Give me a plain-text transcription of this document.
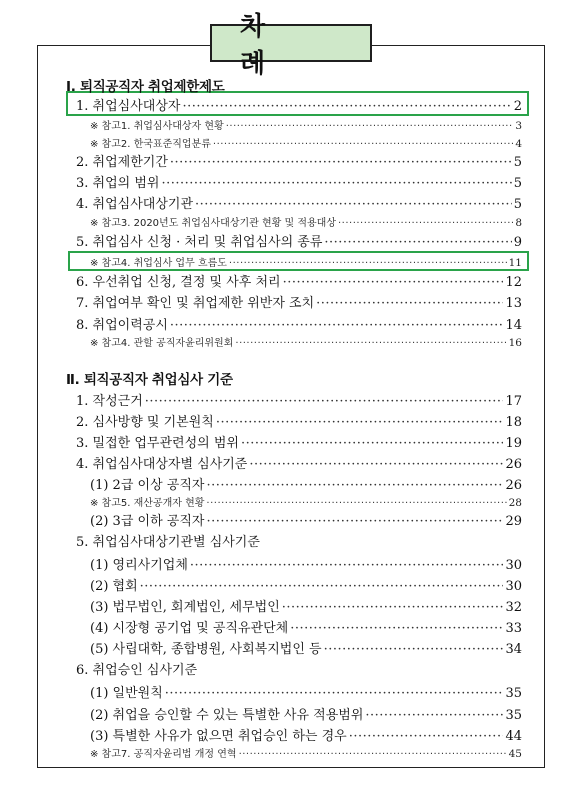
차 례
Ⅰ. 퇴직공직자 취업제한제도
1. 취업심사대상자 ·····	2
※ 참고1. 취업심사대상자 현황 ·····	3
※ 참고2. 한국표준직업분류 ·····	4
2. 취업제한기간 ·····	5
3. 취업의 범위 ·····	5
4. 취업심사대상기관 ·····	5
※ 참고3. 2020년도 취업심사대상기관 현황 및 적용대상 ·····	8
5. 취업심사 신청 · 처리 및 취업심사의 종류 ·····	9
※ 참고4. 취업심사 업무 흐름도 ·····	11
6. 우선취업 신청, 결정 및 사후 처리 ·····	12
7. 취업여부 확인 및 취업제한 위반자 조치 ·····	13
8. 취업이력공시 ·····	14
※ 참고4. 관할 공직자윤리위원회 ·····	16
Ⅱ. 퇴직공직자 취업심사 기준
1. 작성근거 ·····	17
2. 심사방향 및 기본원칙 ·····	18
3. 밀접한 업무관련성의 범위 ·····	19
4. 취업심사대상자별 심사기준 ·····	26
(1) 2급 이상 공직자 ·····	26
※ 참고5. 재산공개자 현황 ·····	28
(2) 3급 이하 공직자 ·····	29
5. 취업심사대상기관별 심사기준
(1) 영리사기업체 ·····	30
(2) 협회 ·····	30
(3) 법무법인, 회계법인, 세무법인 ·····	32
(4) 시장형 공기업 및 공직유관단체 ·····	33
(5) 사립대학, 종합병원, 사회복지법인 등 ·····	34
6. 취업승인 심사기준
(1) 일반원칙 ·····	35
(2) 취업을 승인할 수 있는 특별한 사유 적용범위 ·····	35
(3) 특별한 사유가 없으면 취업승인 하는 경우 ·····	44
※ 참고7. 공직자윤리법 개정 연혁 ·····	45
